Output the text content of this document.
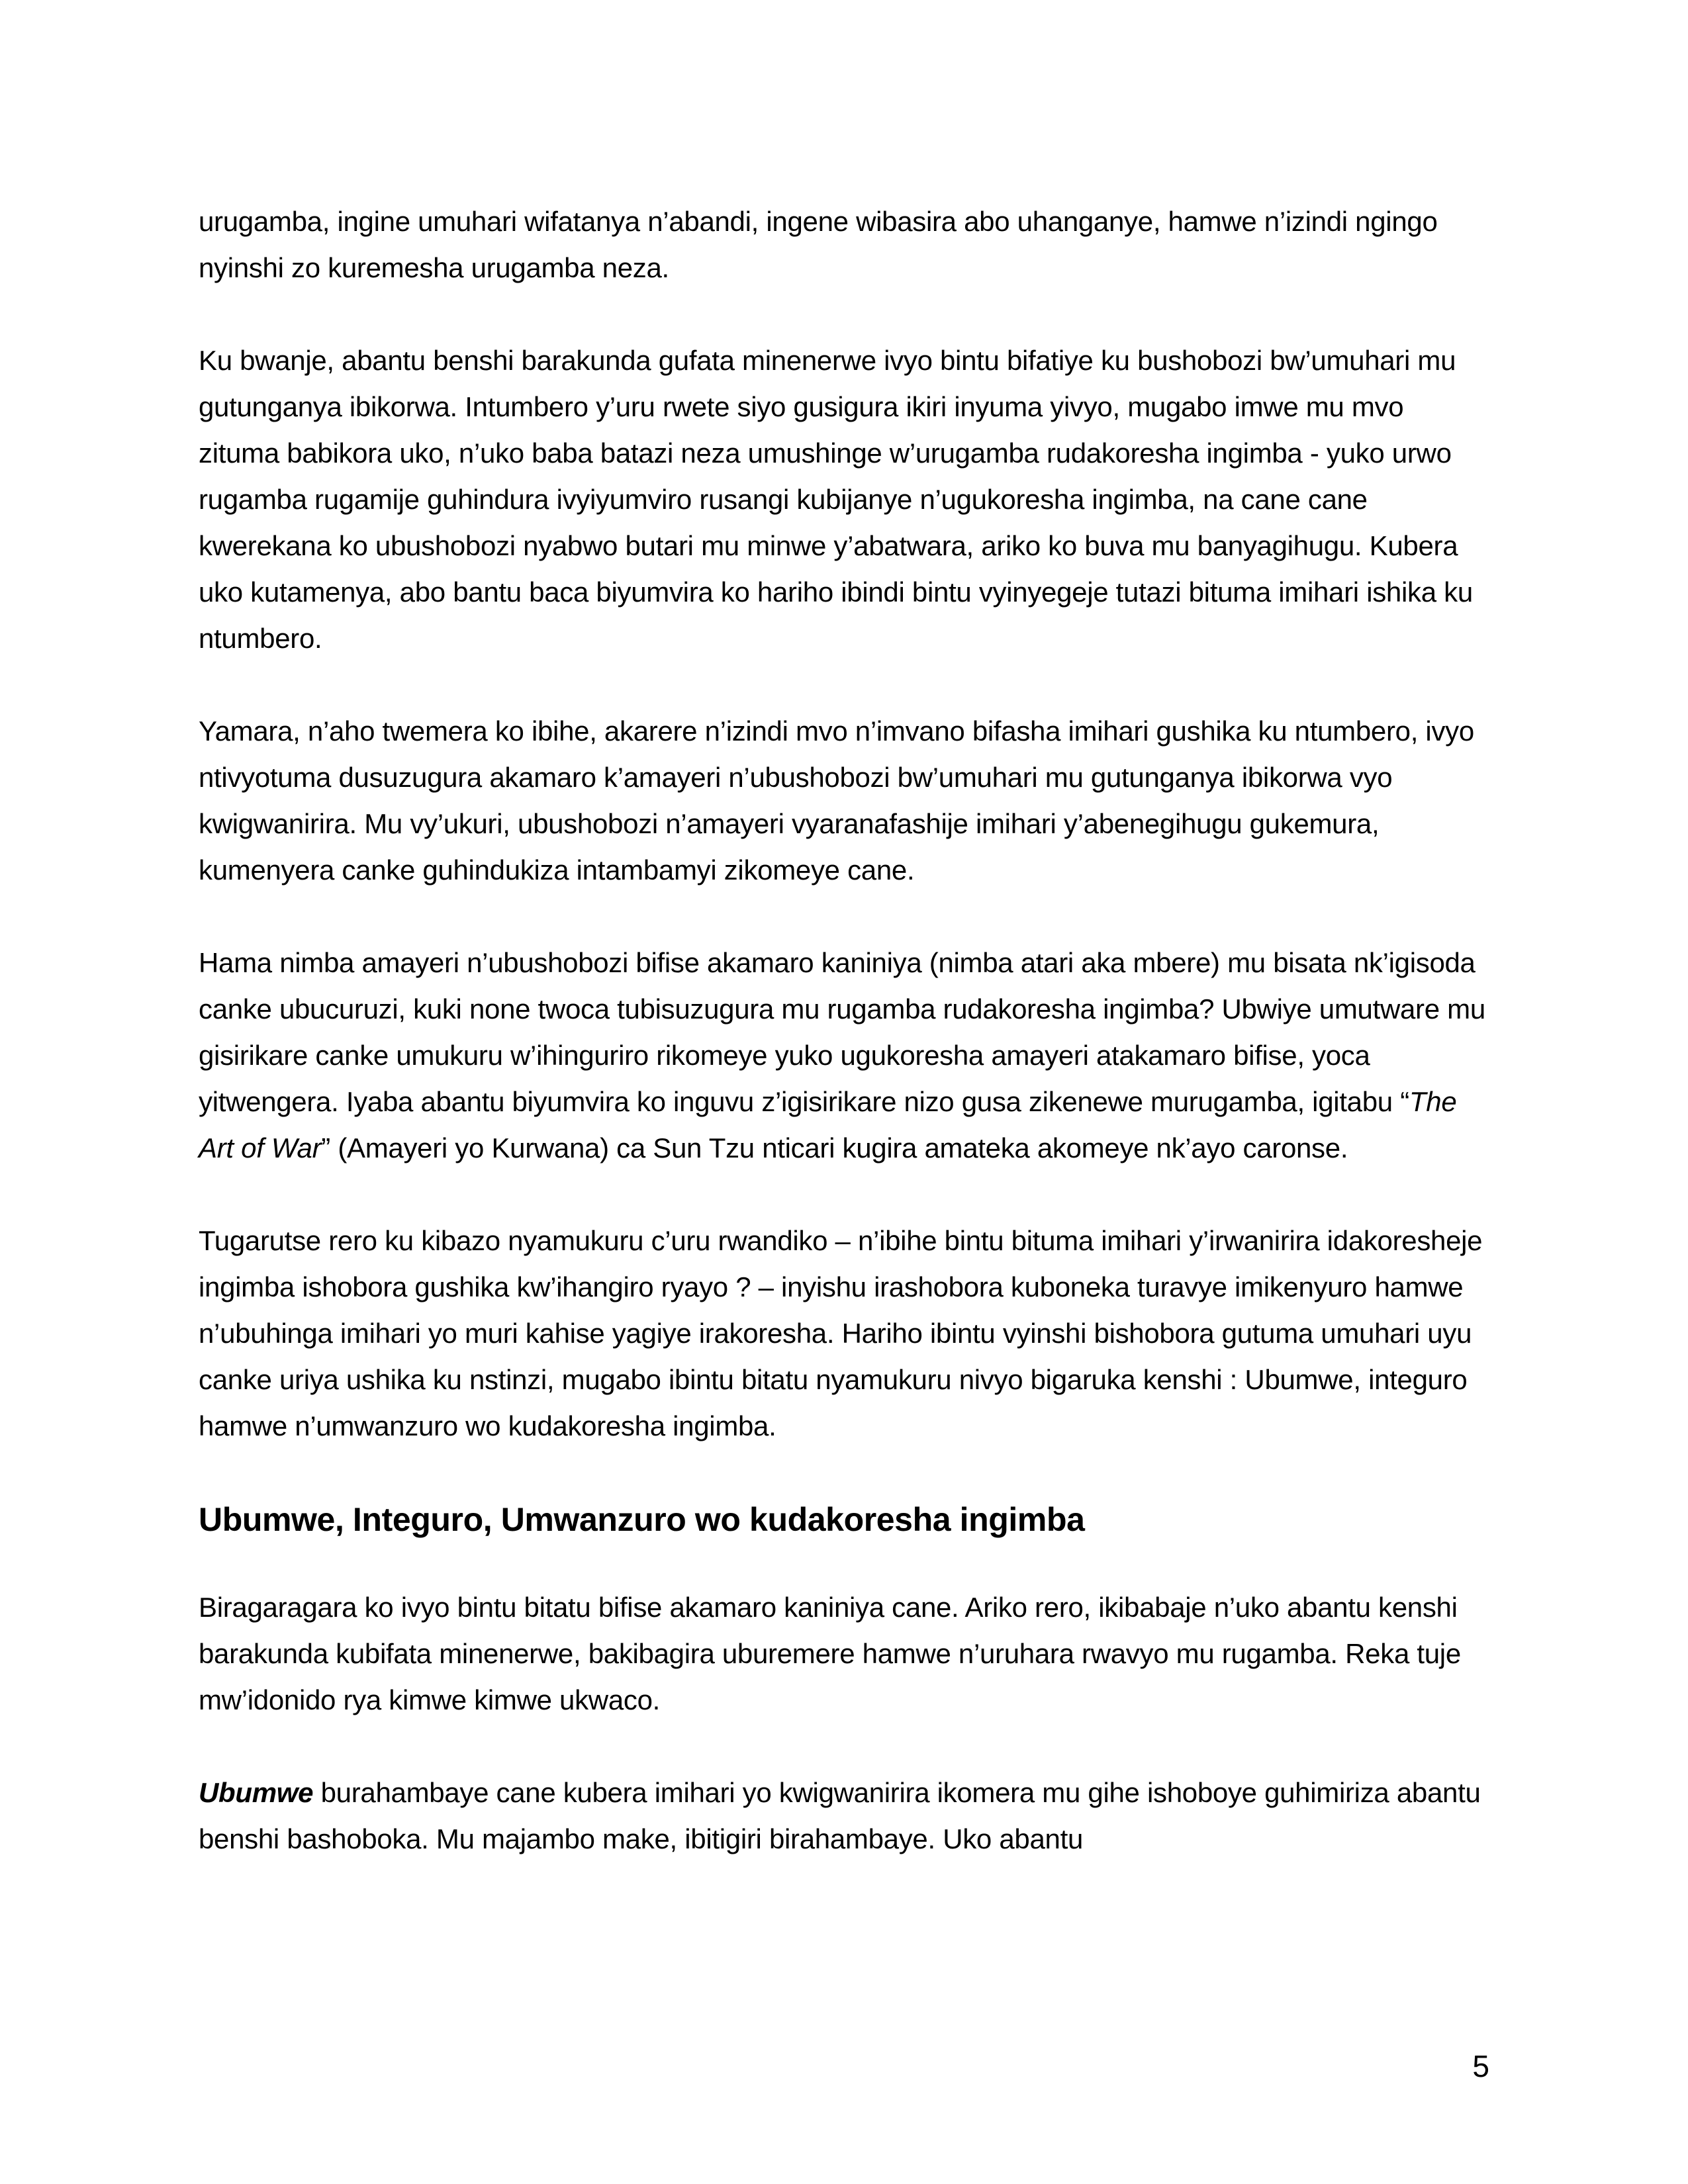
urugamba, ingine umuhari wifatanya n’abandi, ingene wibasira abo uhanganye, hamwe n’izindi ngingo nyinshi zo kuremesha urugamba neza.

Ku bwanje, abantu benshi barakunda gufata minenerwe ivyo bintu bifatiye ku bushobozi bw’umuhari mu gutunganya ibikorwa. Intumbero y’uru rwete siyo gusigura ikiri inyuma yivyo, mugabo imwe mu mvo zituma babikora uko, n’uko baba batazi neza umushinge w’urugamba rudakoresha ingimba - yuko urwo rugamba rugamije guhindura ivyiyumviro rusangi kubijanye n’ugukoresha ingimba, na cane cane kwerekana ko ubushobozi nyabwo butari mu minwe y’abatwara, ariko ko buva mu banyagihugu. Kubera uko kutamenya, abo bantu baca biyumvira ko hariho ibindi bintu vyinyegeje tutazi bituma imihari ishika ku ntumbero.

Yamara, n’aho twemera ko ibihe, akarere n’izindi mvo n’imvano bifasha imihari gushika ku ntumbero, ivyo ntivyotuma dusuzugura akamaro k’amayeri n’ubushobozi bw’umuhari mu gutunganya ibikorwa vyo kwigwanirira. Mu vy’ukuri, ubushobozi n’amayeri vyaranafashije imihari y’abenegihugu gukemura, kumenyera canke guhindukiza intambamyi zikomeye cane.

Hama nimba amayeri n’ubushobozi bifise akamaro kaniniya (nimba atari aka mbere) mu bisata nk’igisoda canke ubucuruzi, kuki none twoca tubisuzugura mu rugamba rudakoresha ingimba? Ubwiye umutware mu gisirikare canke umukuru w’ihinguriro rikomeye yuko ugukoresha amayeri atakamaro bifise, yoca yitwengera. Iyaba abantu biyumvira ko inguvu z’igisirikare nizo gusa zikenewe murugamba, igitabu “The Art of War” (Amayeri yo Kurwana) ca Sun Tzu nticari kugira amateka akomeye nk’ayo caronse.

Tugarutse rero ku kibazo nyamukuru c’uru rwandiko – n’ibihe bintu bituma imihari y’irwanirira idakoresheje ingimba ishobora gushika kw’ihangiro ryayo ? – inyishu irashobora kuboneka turavye imikenyuro hamwe n’ubuhinga imihari yo muri kahise yagiye irakoresha. Hariho ibintu vyinshi bishobora gutuma umuhari uyu canke uriya ushika ku nstinzi, mugabo ibintu bitatu nyamukuru nivyo bigaruka kenshi : Ubumwe, integuro hamwe n’umwanzuro wo kudakoresha ingimba.

Ubumwe, Integuro, Umwanzuro wo kudakoresha ingimba

Biragaragara ko ivyo bintu bitatu bifise akamaro kaniniya cane. Ariko rero, ikibabaje n’uko abantu kenshi barakunda kubifata minenerwe, bakibagira uburemere hamwe n’uruhara rwavyo mu rugamba. Reka tuje mw’idonido rya kimwe kimwe ukwaco.

Ubumwe burahambaye cane kubera imihari yo kwigwanirira ikomera mu gihe ishoboye guhimiriza abantu benshi bashoboka. Mu majambo make, ibitigiri birahambaye. Uko abantu

5
